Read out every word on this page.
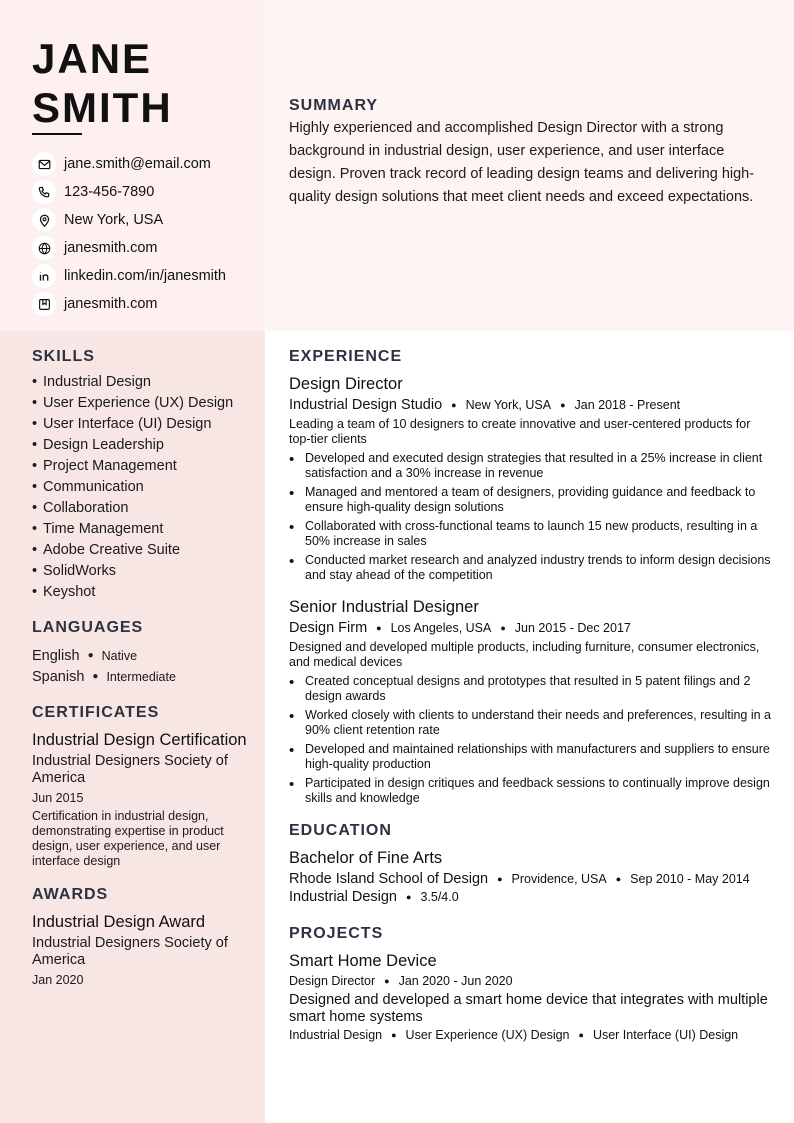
JANE
SMITH
jane.smith@email.com
123-456-7890
New York, USA
janesmith.com
linkedin.com/in/janesmith
janesmith.com
SUMMARY

Highly experienced and accomplished Design Director with a strong background in industrial design, user experience, and user interface design. Proven track record of leading design teams and delivering high-quality design solutions that meet client needs and exceed expectations.

SKILLS
• Industrial Design
• User Experience (UX) Design
• User Interface (UI) Design
• Design Leadership
• Project Management
• Communication
• Collaboration
• Time Management
• Adobe Creative Suite
• SolidWorks
• Keyshot
LANGUAGES
English ● Native
Spanish ● Intermediate
CERTIFICATES
Industrial Design Certification
Industrial Designers Society of America
Jun 2015
Certification in industrial design, demonstrating expertise in product design, user experience, and user interface design
AWARDS
Industrial Design Award
Industrial Designers Society of America
Jan 2020
EXPERIENCE
Design Director
Industrial Design Studio ● New York, USA ● Jan 2018 - Present

Leading a team of 10 designers to create innovative and user-centered products for top-tier clients

• Developed and executed design strategies that resulted in a 25% increase in client satisfaction and a 30% increase in revenue
• Managed and mentored a team of designers, providing guidance and feedback to ensure high-quality design solutions
• Collaborated with cross-functional teams to launch 15 new products, resulting in a 50% increase in sales
• Conducted market research and analyzed industry trends to inform design decisions and stay ahead of the competition
Senior Industrial Designer
Design Firm ● Los Angeles, USA ● Jun 2015 - Dec 2017

Designed and developed multiple products, including furniture, consumer electronics, and medical devices

• Created conceptual designs and prototypes that resulted in 5 patent filings and 2 design awards
• Worked closely with clients to understand their needs and preferences, resulting in a 90% client retention rate
• Developed and maintained relationships with manufacturers and suppliers to ensure high-quality production
• Participated in design critiques and feedback sessions to continually improve design skills and knowledge
EDUCATION
Bachelor of Fine Arts
Rhode Island School of Design ● Providence, USA ● Sep 2010 - May 2014
Industrial Design ● 3.5/4.0
PROJECTS
Smart Home Device
Design Director ● Jan 2020 - Jun 2020

Designed and developed a smart home device that integrates with multiple smart home systems

Industrial Design ● User Experience (UX) Design ● User Interface (UI) Design
